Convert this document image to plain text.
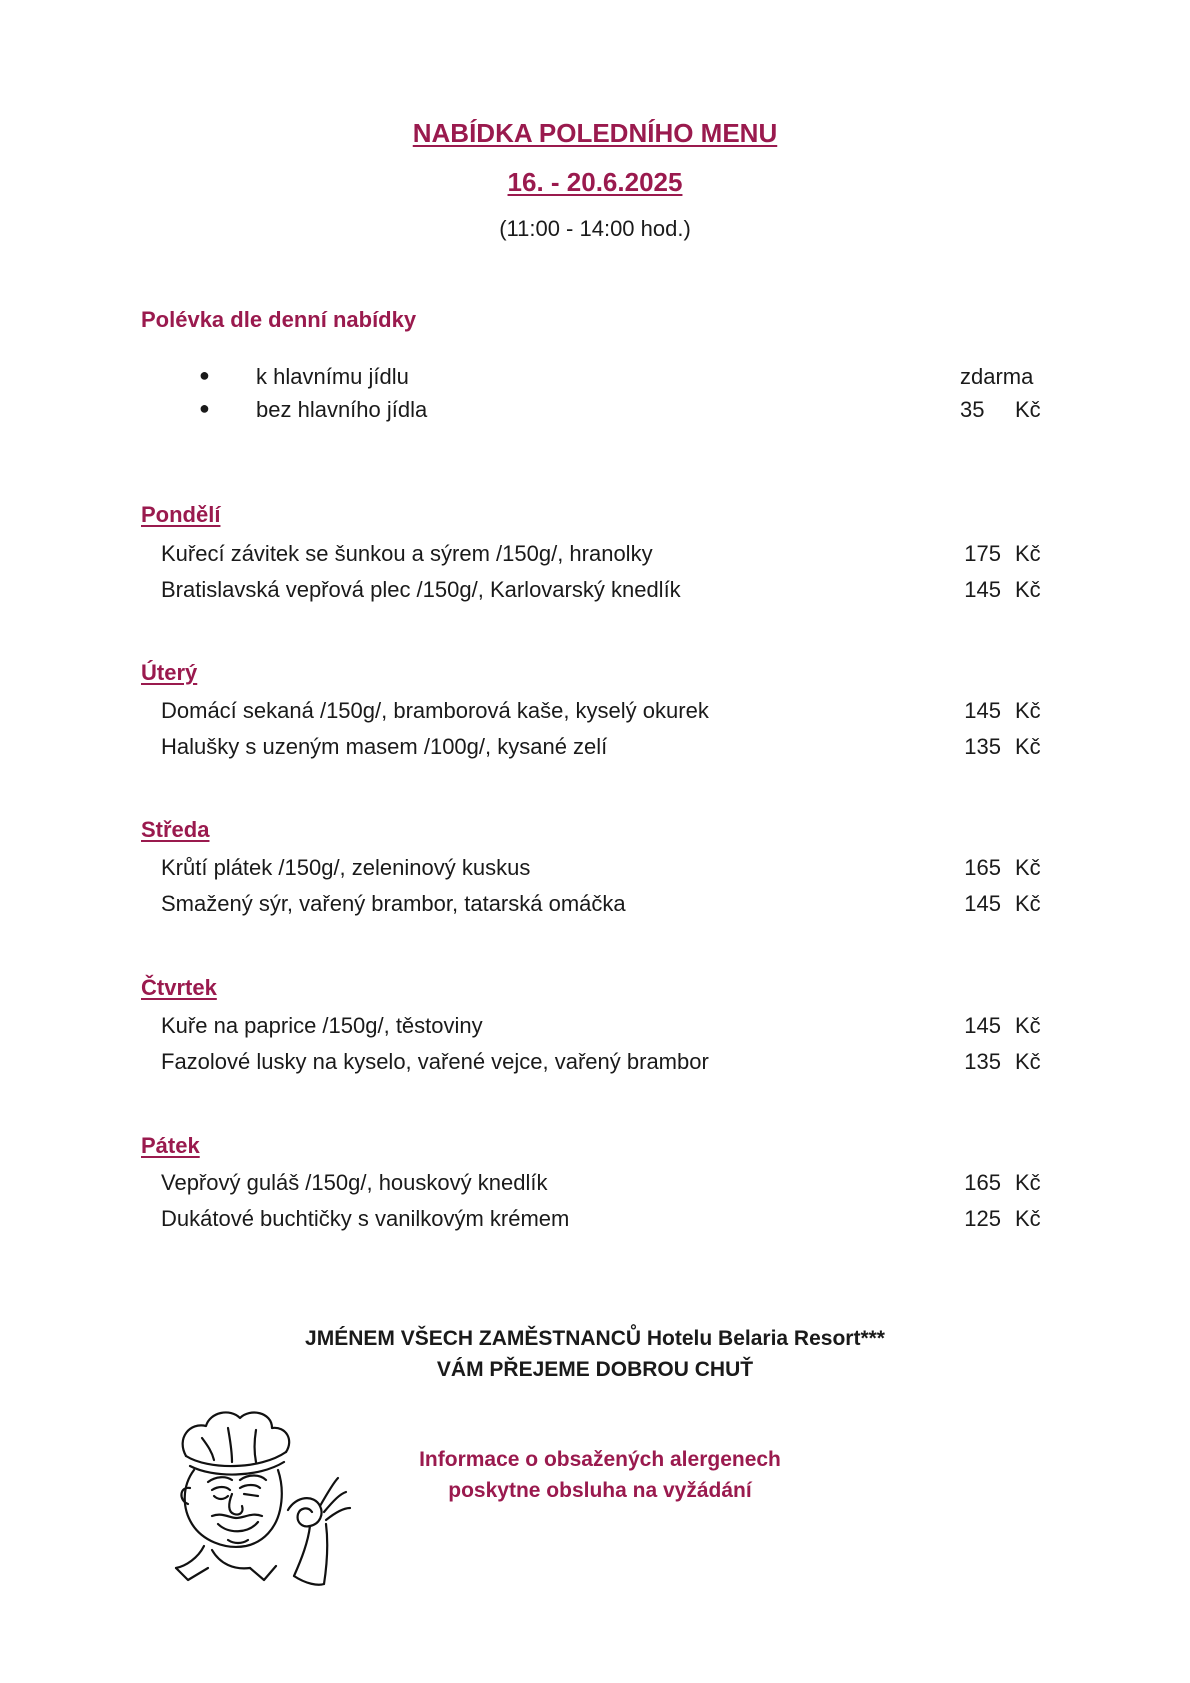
NABÍDKA POLEDNÍHO MENU
16. - 20.6.2025
(11:00 - 14:00 hod.)
Polévka dle denní nabídky
● k hlavnímu jídlu	zdarma
● bez hlavního jídla	35 Kč
Pondělí
Kuřecí závitek se šunkou a sýrem /150g/, hranolky	175 Kč
Bratislavská vepřová plec /150g/, Karlovarský knedlík	145 Kč
Úterý
Domácí sekaná /150g/, bramborová kaše, kyselý okurek	145 Kč
Halušky s uzeným masem /100g/, kysané zelí	135 Kč
Středa
Krůtí plátek /150g/, zeleninový kuskus	165 Kč
Smažený sýr, vařený brambor, tatarská omáčka	145 Kč
Čtvrtek
Kuře na paprice /150g/, těstoviny	145 Kč
Fazolové lusky na kyselo, vařené vejce, vařený brambor	135 Kč
Pátek
Vepřový guláš /150g/, houskový knedlík	165 Kč
Dukátové buchtičky s vanilkovým krémem	125 Kč
JMÉNEM VŠECH ZAMĚSTNANCŮ Hotelu Belaria Resort***
VÁM PŘEJEME DOBROU CHUŤ
Informace o obsažených alergenech
poskytne obsluha na vyžádání
